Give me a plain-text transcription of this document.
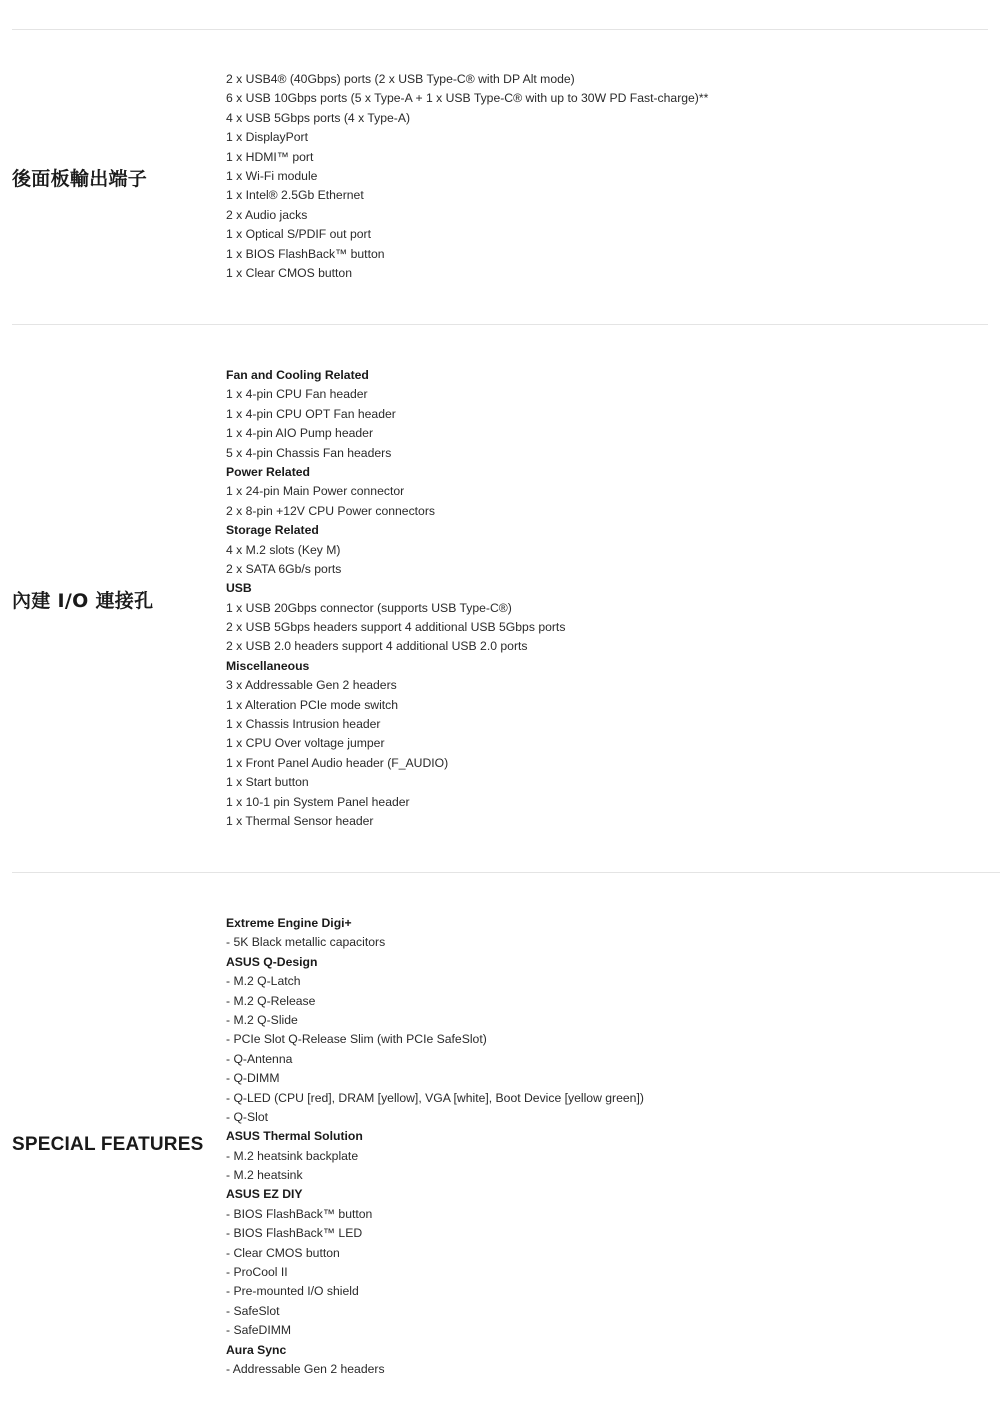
後面板輸出端子
2 x USB4® (40Gbps) ports (2 x USB Type-C® with DP Alt mode)
6 x USB 10Gbps ports (5 x Type-A + 1 x USB Type-C® with up to 30W PD Fast-charge)**
4 x USB 5Gbps ports (4 x Type-A)
1 x DisplayPort
1 x HDMI™ port
1 x Wi-Fi module
1 x Intel® 2.5Gb Ethernet
2 x Audio jacks
1 x Optical S/PDIF out port
1 x BIOS FlashBack™ button
1 x Clear CMOS button
內建 I/O 連接孔
Fan and Cooling Related
1 x 4-pin CPU Fan header
1 x 4-pin CPU OPT Fan header
1 x 4-pin AIO Pump header
5 x 4-pin Chassis Fan headers
Power Related
1 x 24-pin Main Power connector
2 x 8-pin +12V CPU Power connectors
Storage Related
4 x M.2 slots (Key M)
2 x SATA 6Gb/s ports
USB
1 x USB 20Gbps connector (supports USB Type-C®)
2 x USB 5Gbps headers support 4 additional USB 5Gbps ports
2 x USB 2.0 headers support 4 additional USB 2.0 ports
Miscellaneous
3 x Addressable Gen 2 headers
1 x Alteration PCIe mode switch
1 x Chassis Intrusion header
1 x CPU Over voltage jumper
1 x Front Panel Audio header (F_AUDIO)
1 x Start button
1 x 10-1 pin System Panel header
1 x Thermal Sensor header
SPECIAL FEATURES
Extreme Engine Digi+
- 5K Black metallic capacitors
ASUS Q-Design
- M.2 Q-Latch
- M.2 Q-Release
- M.2 Q-Slide
- PCIe Slot Q-Release Slim (with PCIe SafeSlot)
- Q-Antenna
- Q-DIMM
- Q-LED (CPU [red], DRAM [yellow], VGA [white], Boot Device [yellow green])
- Q-Slot
ASUS Thermal Solution
- M.2 heatsink backplate
- M.2 heatsink
ASUS EZ DIY
- BIOS FlashBack™ button
- BIOS FlashBack™ LED
- Clear CMOS button
- ProCool II
- Pre-mounted I/O shield
- SafeSlot
- SafeDIMM
Aura Sync
- Addressable Gen 2 headers
